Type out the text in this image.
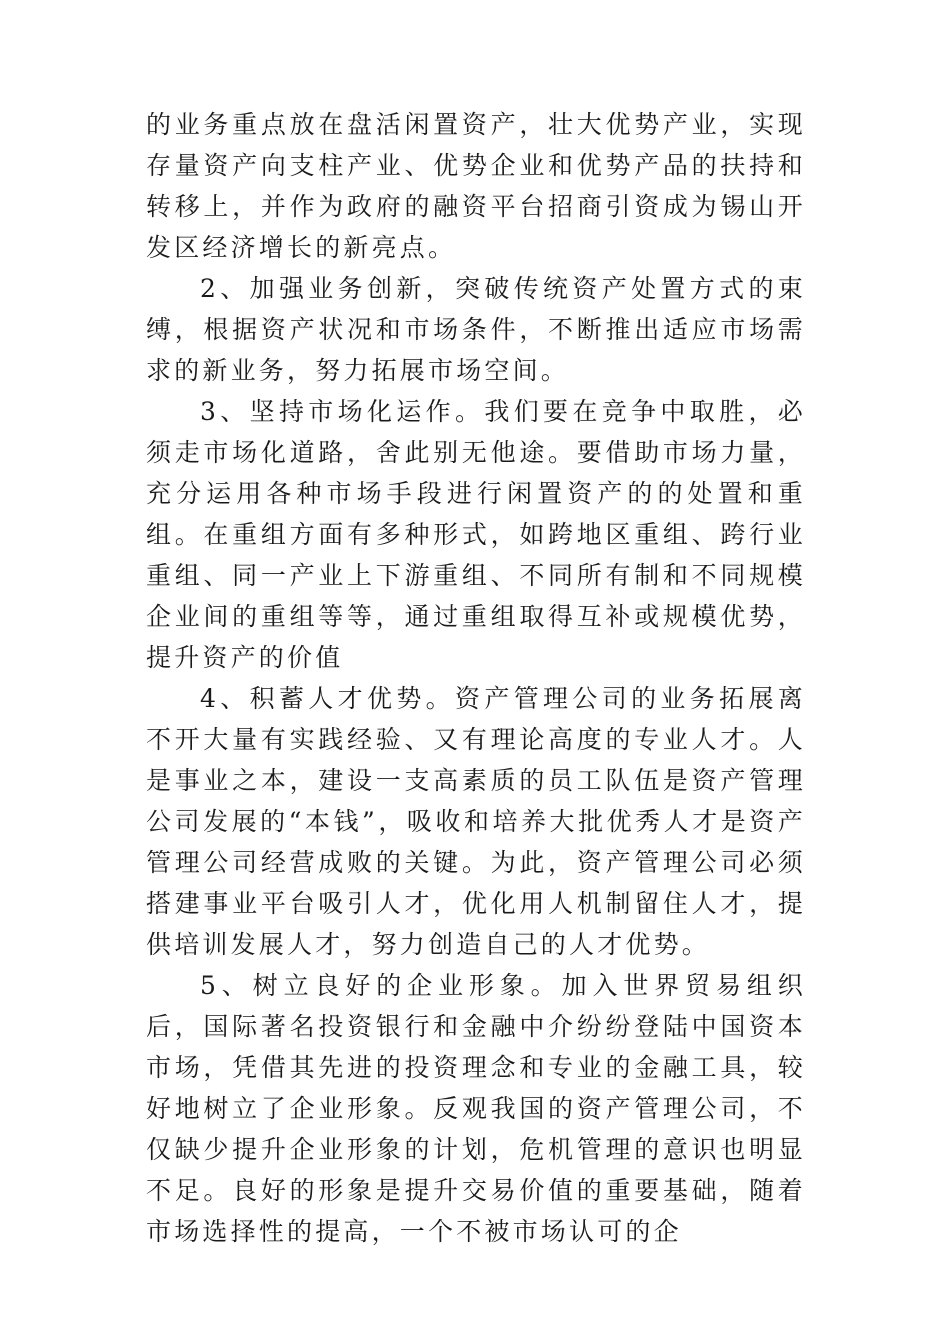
的业务重点放在盘活闲置资产，壮大优势产业，实现存量资产向支柱产业、优势企业和优势产品的扶持和转移上，并作为政府的融资平台招商引资成为锡山开发区经济增长的新亮点。

2、加强业务创新，突破传统资产处置方式的束缚，根据资产状况和市场条件，不断推出适应市场需求的新业务，努力拓展市场空间。

3、坚持市场化运作。我们要在竞争中取胜，必须走市场化道路，舍此别无他途。要借助市场力量，充分运用各种市场手段进行闲置资产的的处置和重组。在重组方面有多种形式，如跨地区重组、跨行业重组、同一产业上下游重组、不同所有制和不同规模企业间的重组等等，通过重组取得互补或规模优势，提升资产的价值

4、积蓄人才优势。资产管理公司的业务拓展离不开大量有实践经验、又有理论高度的专业人才。人是事业之本，建设一支高素质的员工队伍是资产管理公司发展的“本钱”，吸收和培养大批优秀人才是资产管理公司经营成败的关键。为此，资产管理公司必须搭建事业平台吸引人才，优化用人机制留住人才，提供培训发展人才，努力创造自己的人才优势。

5、树立良好的企业形象。加入世界贸易组织后，国际著名投资银行和金融中介纷纷登陆中国资本市场，凭借其先进的投资理念和专业的金融工具，较好地树立了企业形象。反观我国的资产管理公司，不仅缺少提升企业形象的计划，危机管理的意识也明显不足。良好的形象是提升交易价值的重要基础，随着市场选择性的提高，一个不被市场认可的企
